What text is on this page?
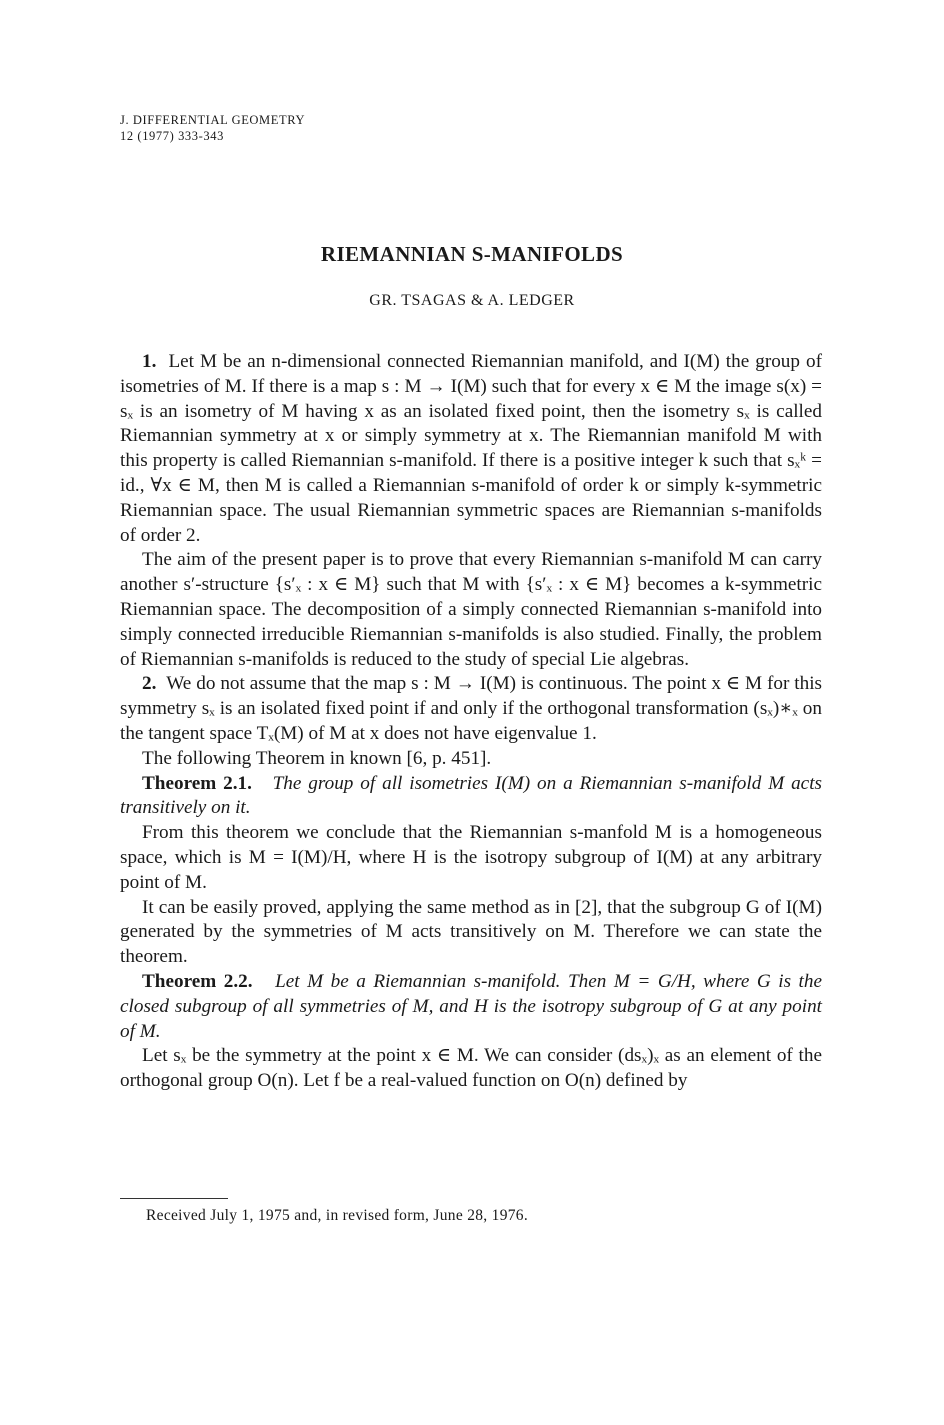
J. DIFFERENTIAL GEOMETRY
12 (1977) 333-343
RIEMANNIAN S-MANIFOLDS
GR. TSAGAS & A. LEDGER

1. Let M be an n-dimensional connected Riemannian manifold, and I(M) the group of isometries of M. If there is a map s : M → I(M) such that for every x ∈ M the image s(x) = sₓ is an isometry of M having x as an isolated fixed point, then the isometry sₓ is called Riemannian symmetry at x or simply symmetry at x. The Riemannian manifold M with this property is called Riemannian s-manifold. If there is a positive integer k such that sₓᵏ = id., ∀x ∈ M, then M is called a Riemannian s-manifold of order k or simply k-symmetric Riemannian space. The usual Riemannian symmetric spaces are Riemannian s-manifolds of order 2.

The aim of the present paper is to prove that every Riemannian s-manifold M can carry another s′-structure {s′ₓ : x ∈ M} such that M with {s′ₓ : x ∈ M} becomes a k-symmetric Riemannian space. The decomposition of a simply connected Riemannian s-manifold into simply connected irreducible Riemannian s-manifolds is also studied. Finally, the problem of Riemannian s-manifolds is reduced to the study of special Lie algebras.

2. We do not assume that the map s : M → I(M) is continuous. The point x ∈ M for this symmetry sₓ is an isolated fixed point if and only if the orthogonal transformation (sₓ)∗ₓ on the tangent space Tₓ(M) of M at x does not have eigenvalue 1.

The following Theorem in known [6, p. 451].

Theorem 2.1. The group of all isometries I(M) on a Riemannian s-manifold M acts transitively on it.

From this theorem we conclude that the Riemannian s-manfold M is a homogeneous space, which is M = I(M)/H, where H is the isotropy subgroup of I(M) at any arbitrary point of M.

It can be easily proved, applying the same method as in [2], that the subgroup G of I(M) generated by the symmetries of M acts transitively on M. Therefore we can state the theorem.

Theorem 2.2. Let M be a Riemannian s-manifold. Then M = G/H, where G is the closed subgroup of all symmetries of M, and H is the isotropy subgroup of G at any point of M.

Let sₓ be the symmetry at the point x ∈ M. We can consider (dsₓ)ₓ as an element of the orthogonal group O(n). Let f be a real-valued function on O(n) defined by

Received July 1, 1975 and, in revised form, June 28, 1976.
